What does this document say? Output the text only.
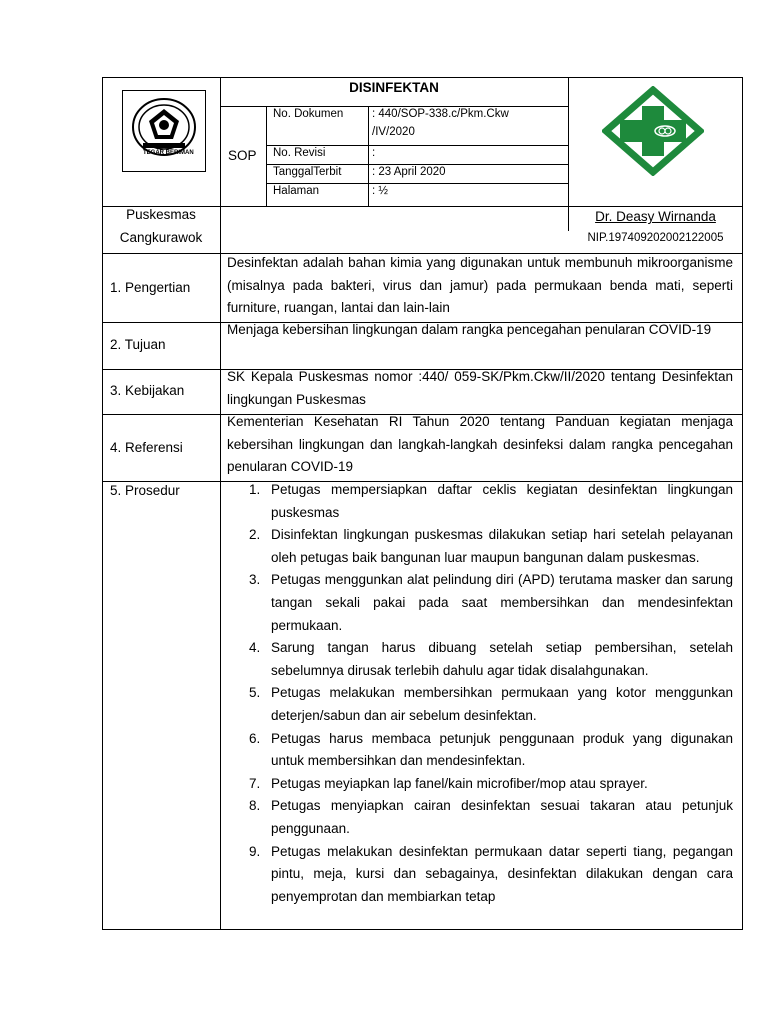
TEGAR BERIMAN
DISINFEKTAN
SOP
No. Dokumen : 440/SOP-338.c/Pkm.Ckw
/IV/2020
No. Revisi	:
TanggalTerbit	: 23 April 2020
Halaman	: ½
Puskesmas
Cangkurawok
Dr. Deasy Wirnanda
NIP.197409202002122005
1. Pengertian
Desinfektan adalah bahan kimia yang digunakan untuk membunuh mikroorganisme (misalnya pada bakteri, virus dan jamur) pada permukaan benda mati, seperti furniture, ruangan, lantai dan lain-lain
2. Tujuan
Menjaga kebersihan lingkungan dalam rangka pencegahan penularan COVID-19
3. Kebijakan
SK Kepala Puskesmas nomor :440/ 059-SK/Pkm.Ckw/II/2020 tentang Desinfektan lingkungan Puskesmas
4. Referensi
Kementerian Kesehatan RI Tahun 2020 tentang Panduan kegiatan menjaga kebersihan lingkungan dan langkah-langkah desinfeksi dalam rangka pencegahan penularan COVID-19
5. Prosedur	1. Petugas mempersiapkan daftar ceklis kegiatan desinfektan lingkungan puskesmas
2. Disinfektan lingkungan puskesmas dilakukan setiap hari setelah pelayanan oleh petugas baik bangunan luar maupun bangunan dalam puskesmas.
3. Petugas menggunkan alat pelindung diri (APD) terutama masker dan sarung tangan sekali pakai pada saat membersihkan dan mendesinfektan permukaan.
4. Sarung tangan harus dibuang setelah setiap pembersihan, setelah sebelumnya dirusak terlebih dahulu agar tidak disalahgunakan.
5. Petugas melakukan membersihkan permukaan yang kotor menggunkan deterjen/sabun dan air sebelum desinfektan.
6. Petugas harus membaca petunjuk penggunaan produk yang digunakan untuk membersihkan dan mendesinfektan.
7. Petugas meyiapkan lap fanel/kain microfiber/mop atau sprayer.
8. Petugas menyiapkan cairan desinfektan sesuai takaran atau petunjuk penggunaan.
9. Petugas melakukan desinfektan permukaan datar seperti tiang, pegangan pintu, meja, kursi dan sebagainya, desinfektan dilakukan dengan cara penyemprotan dan membiarkan tetap
